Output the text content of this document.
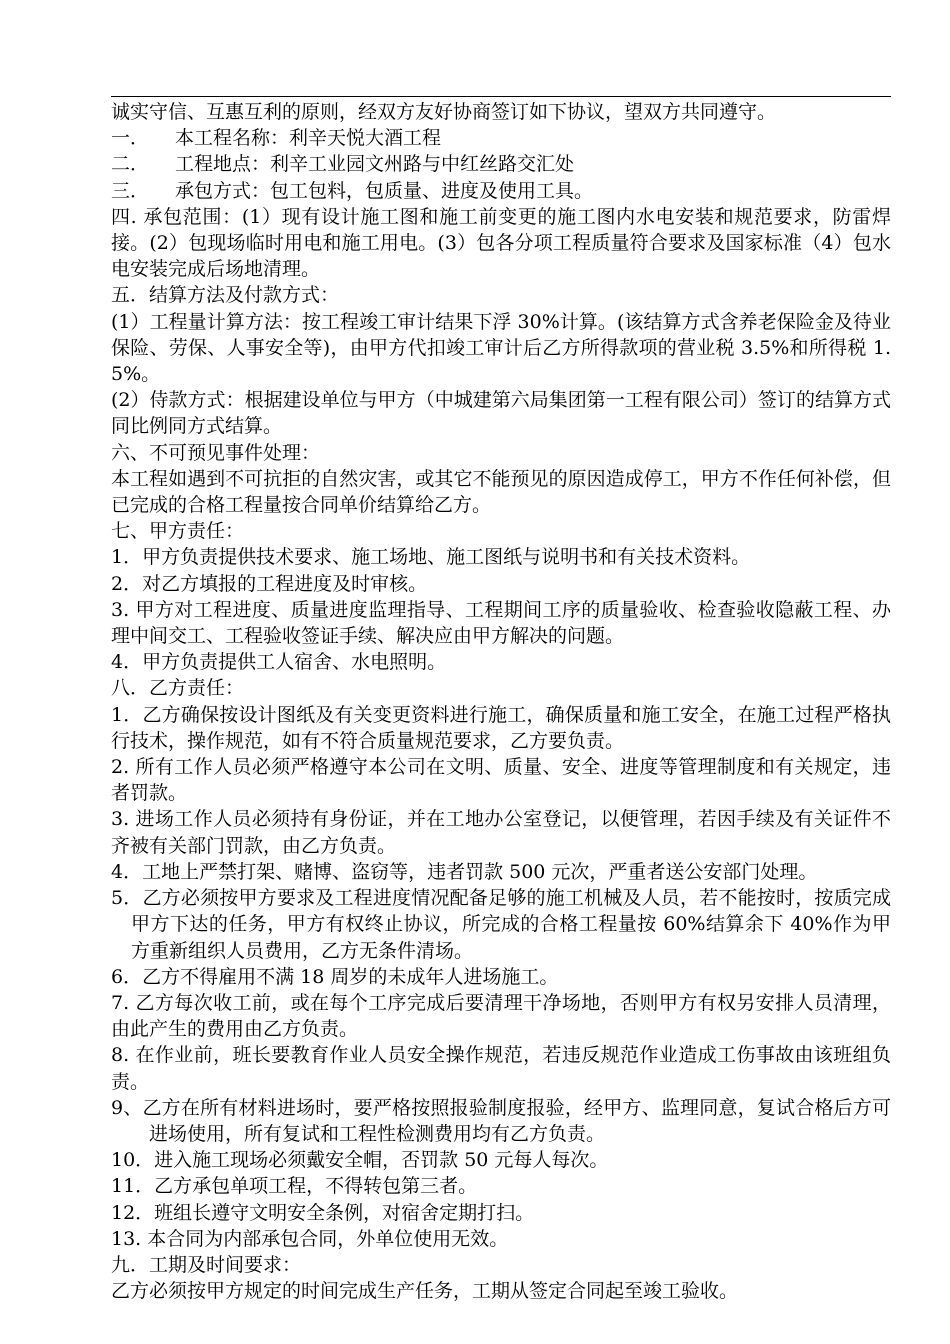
诚实守信、互惠互利的原则，经双方友好协商签订如下协议，望双方共同遵守。

一． 本工程名称：利辛天悦大酒工程

二． 工程地点：利辛工业园文州路与中红丝路交汇处

三． 承包方式：包工包料，包质量、进度及使用工具。

四. 承包范围：(1）现有设计施工图和施工前变更的施工图内水电安装和规范要求，防雷焊接。(2）包现场临时用电和施工用电。(3）包各分项工程质量符合要求及国家标准（4）包水电安装完成后场地清理。

五．结算方法及付款方式：

(1）工程量计算方法：按工程竣工审计结果下浮 30%计算。(该结算方式含养老保险金及待业保险、劳保、人事安全等)，由甲方代扣竣工审计后乙方所得款项的营业税 3.5%和所得税 1.5%。

(2）侍款方式：根据建设单位与甲方（中城建第六局集团第一工程有限公司）签订的结算方式同比例同方式结算。

六、不可预见事件处理：

本工程如遇到不可抗拒的自然灾害，或其它不能预见的原因造成停工，甲方不作任何补偿，但已完成的合格工程量按合同单价结算给乙方。

七、甲方责任：

1．甲方负责提供技术要求、施工场地、施工图纸与说明书和有关技术资料。

2．对乙方填报的工程进度及时审核。

3. 甲方对工程进度、质量进度监理指导、工程期间工序的质量验收、检查验收隐蔽工程、办理中间交工、工程验收签证手续、解决应由甲方解决的问题。

4．甲方负责提供工人宿舍、水电照明。

八．乙方责任：

1．乙方确保按设计图纸及有关变更资料进行施工，确保质量和施工安全，在施工过程严格执行技术，操作规范，如有不符合质量规范要求，乙方要负责。

2. 所有工作人员必须严格遵守本公司在文明、质量、安全、进度等管理制度和有关规定，违者罚款。

3. 进场工作人员必须持有身份证，并在工地办公室登记，以便管理，若因手续及有关证件不齐被有关部门罚款，由乙方负责。

4．工地上严禁打架、赌博、盗窃等，违者罚款 500 元次，严重者送公安部门处理。

5．乙方必须按甲方要求及工程进度情况配备足够的施工机械及人员，若不能按时，按质完成甲方下达的任务，甲方有权终止协议，所完成的合格工程量按 60%结算余下 40%作为甲方重新组织人员费用，乙方无条件清场。

6．乙方不得雇用不满 18 周岁的未成年人进场施工。

7. 乙方每次收工前，或在每个工序完成后要清理干净场地，否则甲方有权另安排人员清理，由此产生的费用由乙方负责。

8. 在作业前，班长要教育作业人员安全操作规范，若违反规范作业造成工伤事故由该班组负责。

9、乙方在所有材料进场时，要严格按照报验制度报验，经甲方、监理同意，复试合格后方可进场使用，所有复试和工程性检测费用均有乙方负责。

10．进入施工现场必须戴安全帽，否罚款 50 元每人每次。

11．乙方承包单项工程，不得转包第三者。

12．班组长遵守文明安全条例，对宿舍定期打扫。

13. 本合同为内部承包合同，外单位使用无效。

九．工期及时间要求：

乙方必须按甲方规定的时间完成生产任务，工期从签定合同起至竣工验收。
